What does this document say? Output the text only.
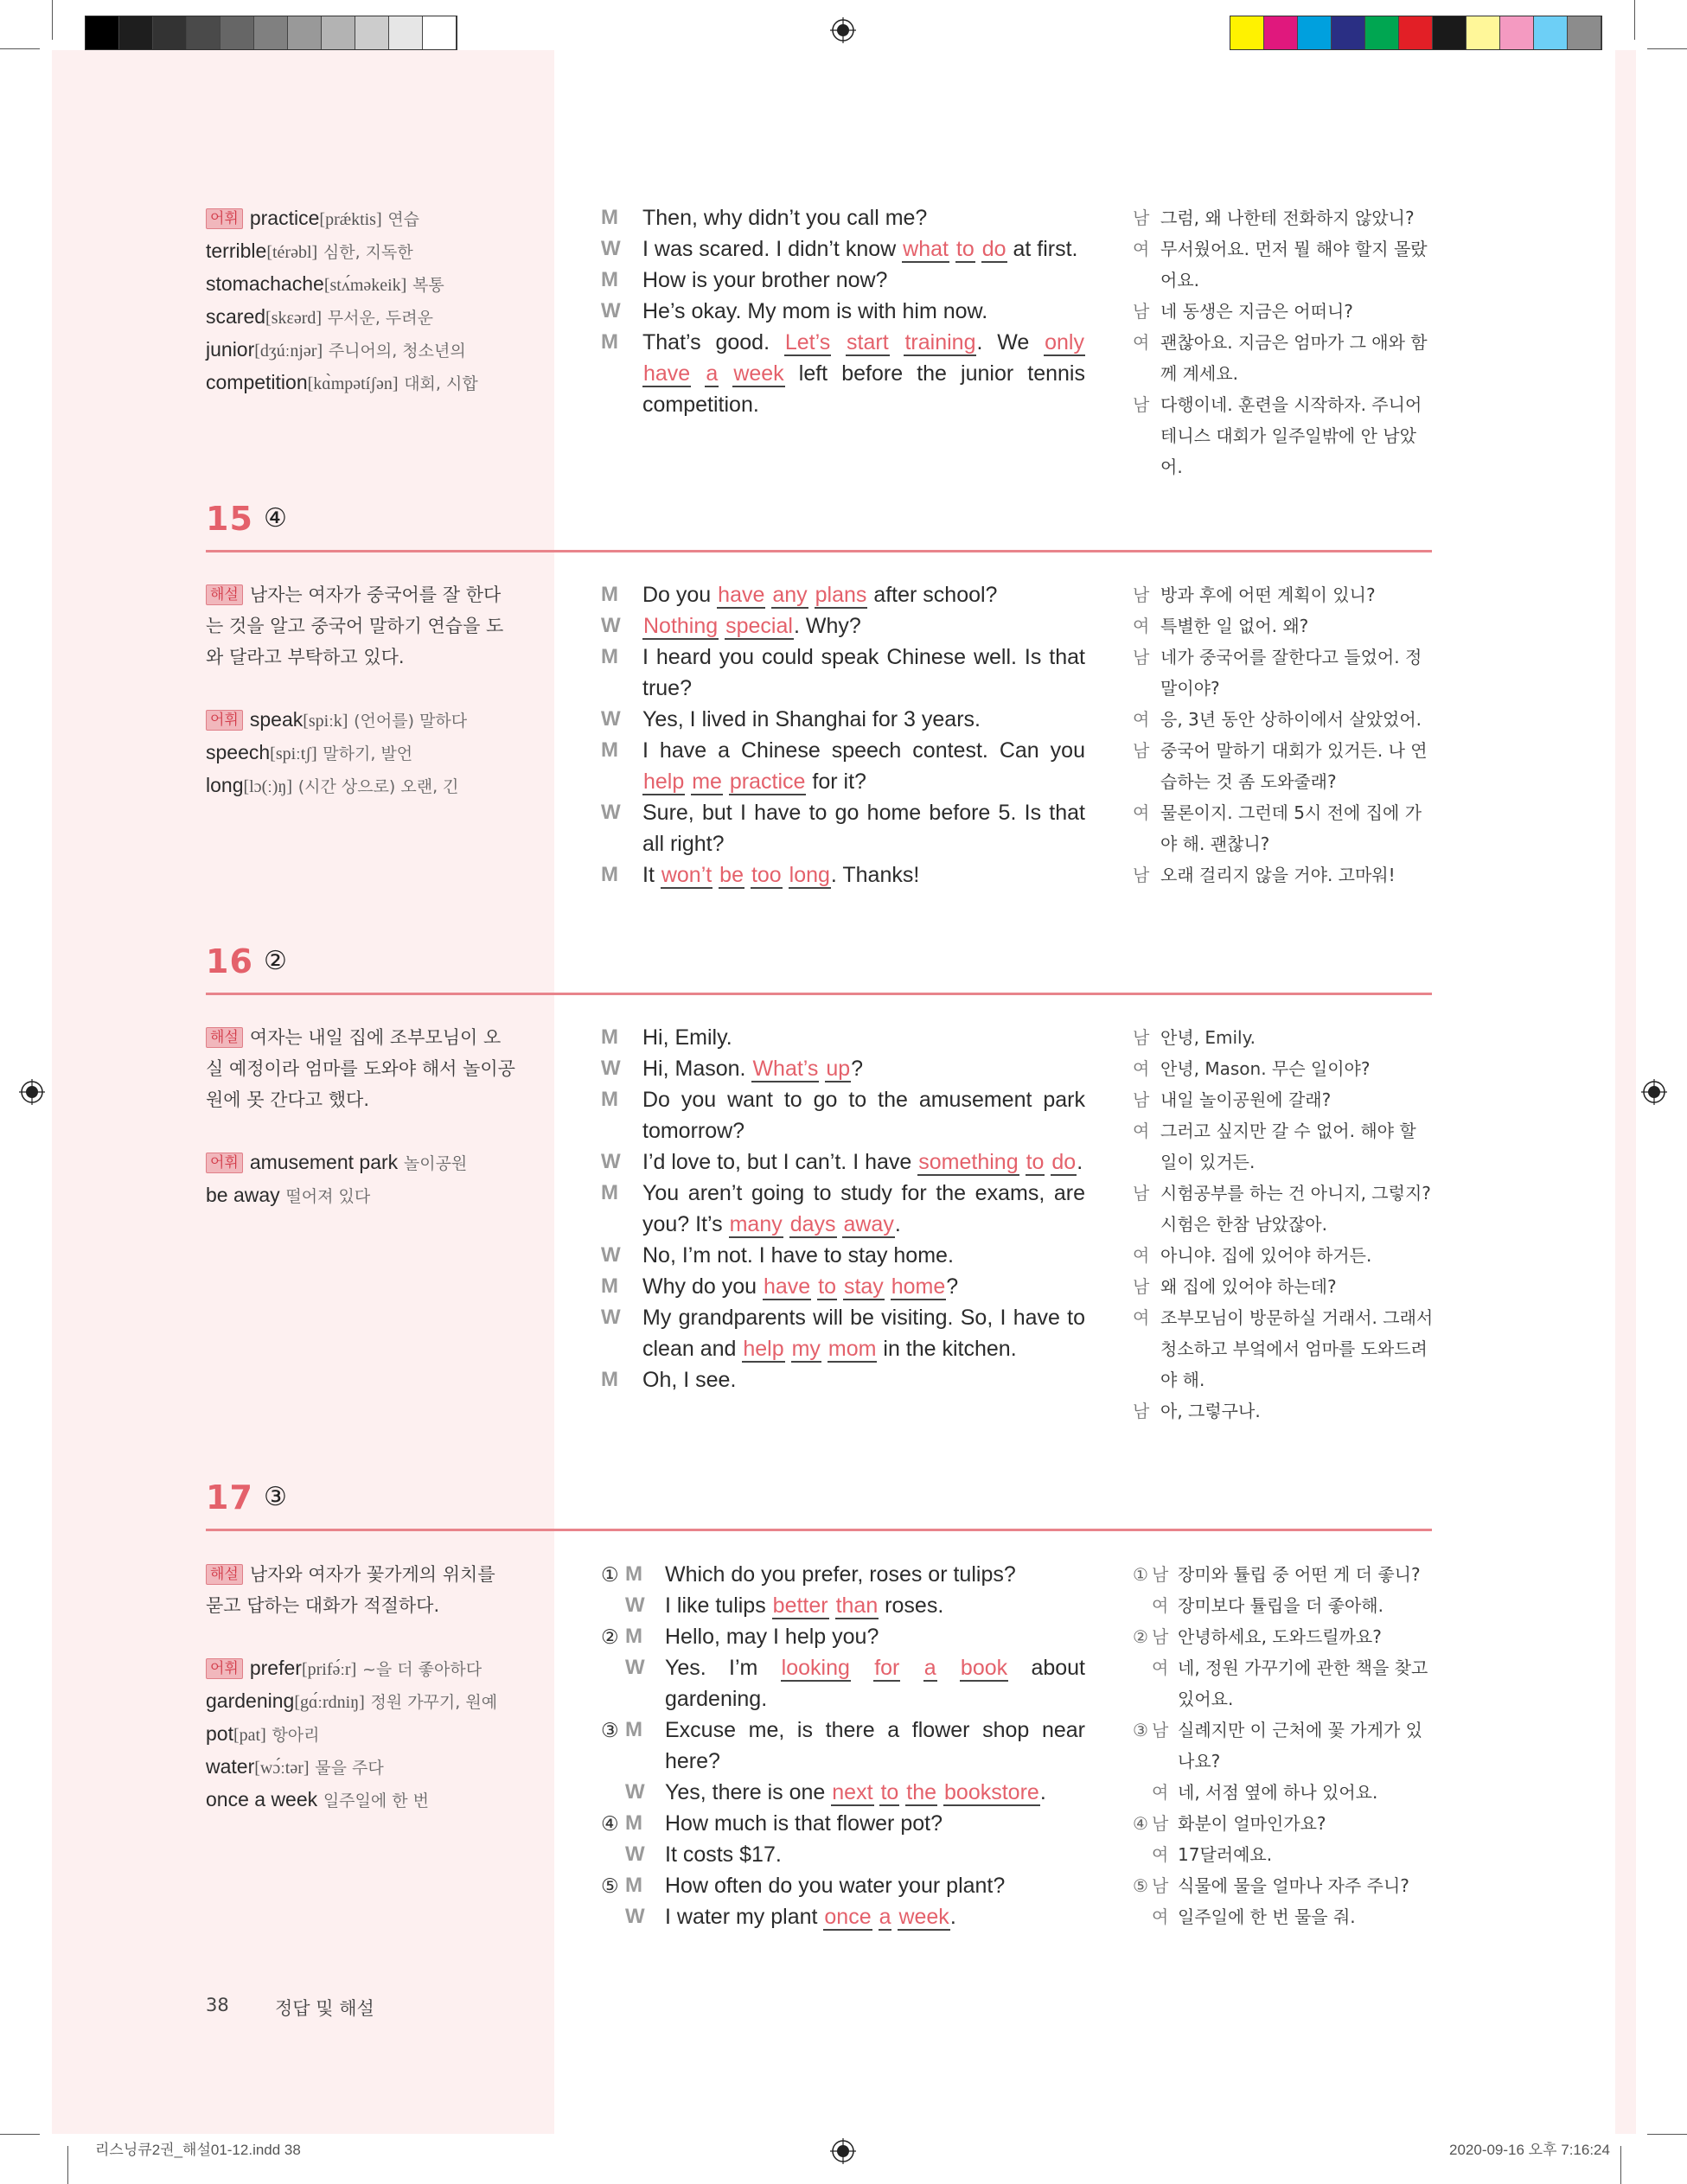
어휘 practice[prǽktis] 연습
terrible[térəbl] 심한, 지독한
stomachache[stʌ́məkeik] 복통
scared[skɛərd] 무서운, 두려운
junior[dʒúːnjər] 주니어의, 청소년의
competition[kɑ̀mpətíʃən] 대회, 시합
M Then, why didn’t you call me?
W I was scared. I didn’t know what to do at first.
M How is your brother now?
W He’s okay. My mom is with him now.
M That’s good. Let’s start training. We only have a week left before the junior tennis competition.
남 그럼, 왜 나한테 전화하지 않았니?
여 무서웠어요. 먼저 뭘 해야 할지 몰랐어요.
남 네 동생은 지금은 어떠니?
여 괜찮아요. 지금은 엄마가 그 애와 함께 계세요.
남 다행이네. 훈련을 시작하자. 주니어 테니스 대회가 일주일밖에 안 남았어.
15 ④
해설 남자는 여자가 중국어를 잘 한다는 것을 알고 중국어 말하기 연습을 도와 달라고 부탁하고 있다.
어휘 speak[spiːk] (언어를) 말하다
speech[spiːtʃ] 말하기, 발언
long[lɔ(ː)ŋ] (시간 상으로) 오랜, 긴
M Do you have any plans after school?
W Nothing special. Why?
M I heard you could speak Chinese well. Is that true?
W Yes, I lived in Shanghai for 3 years.
M I have a Chinese speech contest. Can you help me practice for it?
W Sure, but I have to go home before 5. Is that all right?
M It won’t be too long. Thanks!
남 방과 후에 어떤 계획이 있니?
여 특별한 일 없어. 왜?
남 네가 중국어를 잘한다고 들었어. 정말이야?
여 응, 3년 동안 상하이에서 살았었어.
남 중국어 말하기 대회가 있거든. 나 연습하는 것 좀 도와줄래?
여 물론이지. 그런데 5시 전에 집에 가야 해. 괜찮니?
남 오래 걸리지 않을 거야. 고마워!
16 ②
해설 여자는 내일 집에 조부모님이 오실 예정이라 엄마를 도와야 해서 놀이공원에 못 간다고 했다.
어휘 amusement park 놀이공원
be away 떨어져 있다
M Hi, Emily.
W Hi, Mason. What’s up?
M Do you want to go to the amusement park tomorrow?
W I’d love to, but I can’t. I have something to do.
M You aren’t going to study for the exams, are you? It’s many days away.
W No, I’m not. I have to stay home.
M Why do you have to stay home?
W My grandparents will be visiting. So, I have to clean and help my mom in the kitchen.
M Oh, I see.
남 안녕, Emily.
여 안녕, Mason. 무슨 일이야?
남 내일 놀이공원에 갈래?
여 그러고 싶지만 갈 수 없어. 해야 할 일이 있거든.
남 시험공부를 하는 건 아니지, 그렇지? 시험은 한참 남았잖아.
여 아니야. 집에 있어야 하거든.
남 왜 집에 있어야 하는데?
여 조부모님이 방문하실 거래서. 그래서 청소하고 부엌에서 엄마를 도와드려야 해.
남 아, 그렇구나.
17 ③
해설 남자와 여자가 꽃가게의 위치를 묻고 답하는 대화가 적절하다.
어휘 prefer[prifə́ːr] ~을 더 좋아하다
gardening[gɑ́ːrdniŋ] 정원 가꾸기, 원예
pot[pat] 항아리
water[wɔ́ːtər] 물을 주다
once a week 일주일에 한 번
① M Which do you prefer, roses or tulips?
W I like tulips better than roses.
② M Hello, may I help you?
W Yes. I’m looking for a book about gardening.
③ M Excuse me, is there a flower shop near here?
W Yes, there is one next to the bookstore.
④ M How much is that flower pot?
W It costs $17.
⑤ M How often do you water your plant?
W I water my plant once a week.
① 남 장미와 튤립 중 어떤 게 더 좋니?
여 장미보다 튤립을 더 좋아해.
② 남 안녕하세요, 도와드릴까요?
여 네, 정원 가꾸기에 관한 책을 찾고 있어요.
③ 남 실례지만 이 근처에 꽃 가게가 있나요?
여 네, 서점 옆에 하나 있어요.
④ 남 화분이 얼마인가요?
여 17달러예요.
⑤ 남 식물에 물을 얼마나 자주 주니?
여 일주일에 한 번 물을 줘.
38	정답 및 해설
리스닝큐2권_해설01-12.indd 38	2020-09-16 오후 7:16:24
